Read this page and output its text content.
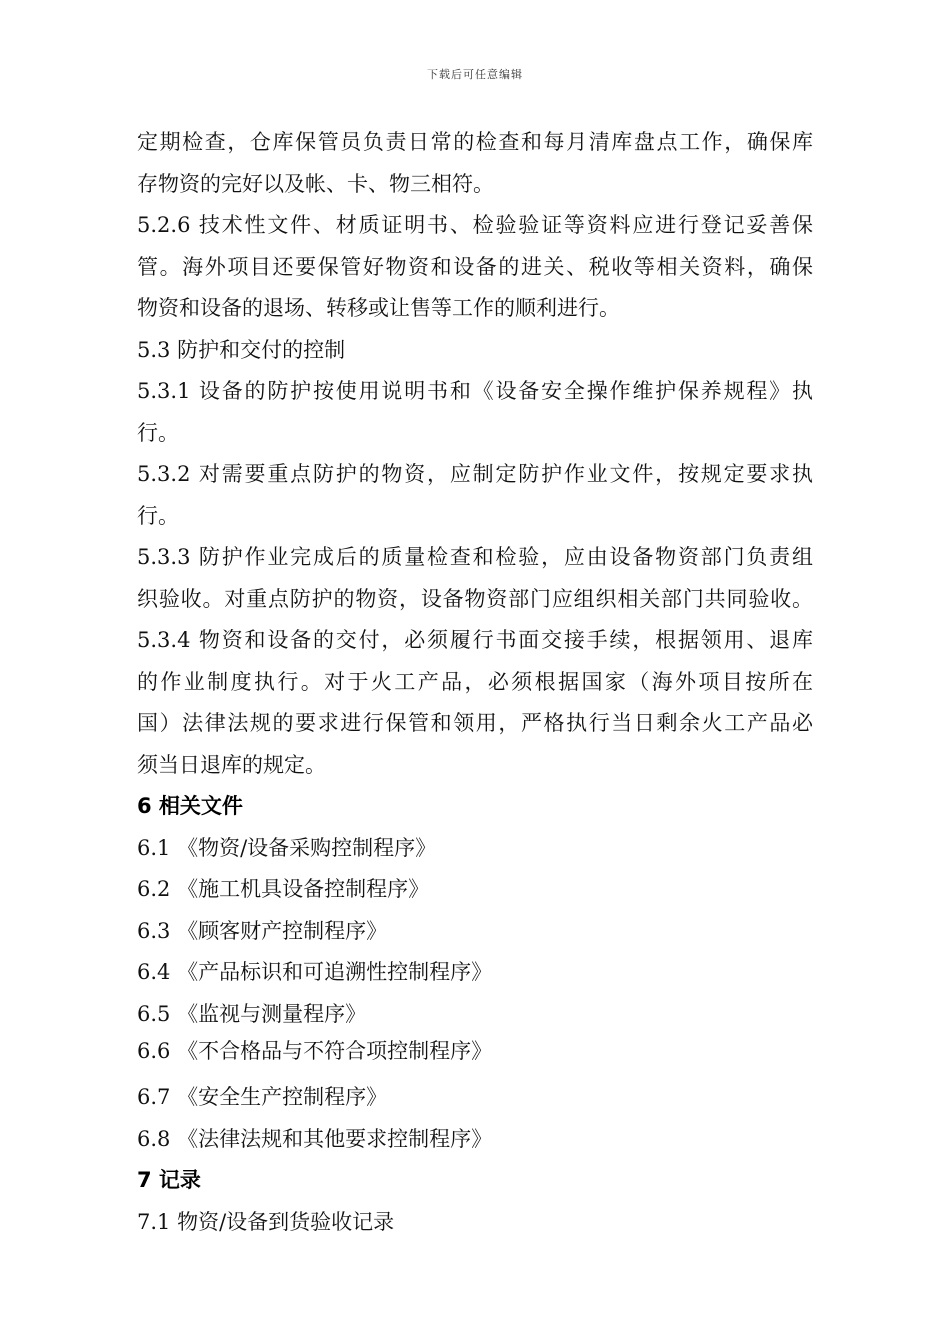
下载后可任意编辑
定期检查，仓库保管员负责日常的检查和每月清库盘点工作，确保库
存物资的完好以及帐、卡、物三相符。
5.2.6 技术性文件、材质证明书、检验验证等资料应进行登记妥善保
管。海外项目还要保管好物资和设备的进关、税收等相关资料，确保
物资和设备的退场、转移或让售等工作的顺利进行。
5.3 防护和交付的控制
5.3.1 设备的防护按使用说明书和《设备安全操作维护保养规程》执
行。
5.3.2 对需要重点防护的物资，应制定防护作业文件，按规定要求执
行。
5.3.3 防护作业完成后的质量检查和检验，应由设备物资部门负责组
织验收。对重点防护的物资，设备物资部门应组织相关部门共同验收。
5.3.4 物资和设备的交付，必须履行书面交接手续，根据领用、退库
的作业制度执行。对于火工产品，必须根据国家（海外项目按所在
国）法律法规的要求进行保管和领用，严格执行当日剩余火工产品必
须当日退库的规定。
6 相关文件
6.1 《物资/设备采购控制程序》
6.2 《施工机具设备控制程序》
6.3 《顾客财产控制程序》
6.4 《产品标识和可追溯性控制程序》
6.5 《监视与测量程序》
6.6 《不合格品与不符合项控制程序》
6.7 《安全生产控制程序》
6.8 《法律法规和其他要求控制程序》
7 记录
7.1 物资/设备到货验收记录
